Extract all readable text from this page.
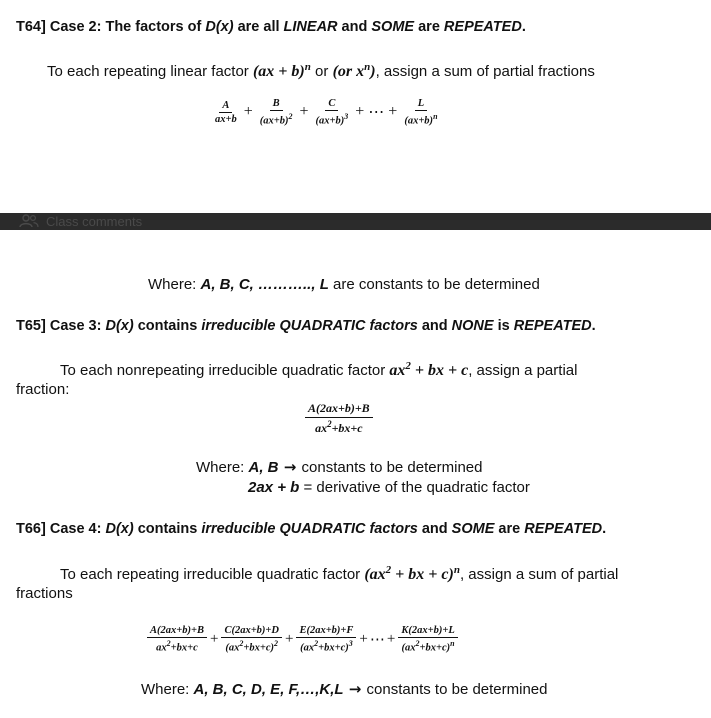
T64] Case 2: The factors of D(x) are all LINEAR and SOME are REPEATED.
To each repeating linear factor (ax + b)$^n$ or (or $x^n$), assign a sum of partial fractions
$\frac{A}{ax+b} + \frac{B}{(ax+b)^2} + \frac{C}{(ax+b)^3}$ + ⋯ + $\frac{L}{(ax+b)^n}$
Class comments
Where: A, B, C, ……….., L are constants to be determined
T65] Case 3: D(x) contains irreducible QUADRATIC factors and NONE is REPEATED.
To each nonrepeating irreducible quadratic factor $ax^2$ + bx + c, assign a partial
fraction:
$\frac{A(2ax+b)+B}{ax^2+bx+c}$
Where: A, B → constants to be determined
2ax + b = derivative of the quadratic factor
T66] Case 4: D(x) contains irreducible QUADRATIC factors and SOME are REPEATED.
To each repeating irreducible quadratic factor ($ax^2$ + bx + c)$^n$, assign a sum of partial
fractions
$\frac{A(2ax+b)+B}{ax^2+bx+c} + \frac{C(2ax+b)+D}{(ax^2+bx+c)^2} + \frac{E(2ax+b)+F}{(ax^2+bx+c)^3}$ + ⋯ + $\frac{K(2ax+b)+L}{(ax^2+bx+c)^n}$
Where: A, B, C, D, E, F,…,K,L → constants to be determined
